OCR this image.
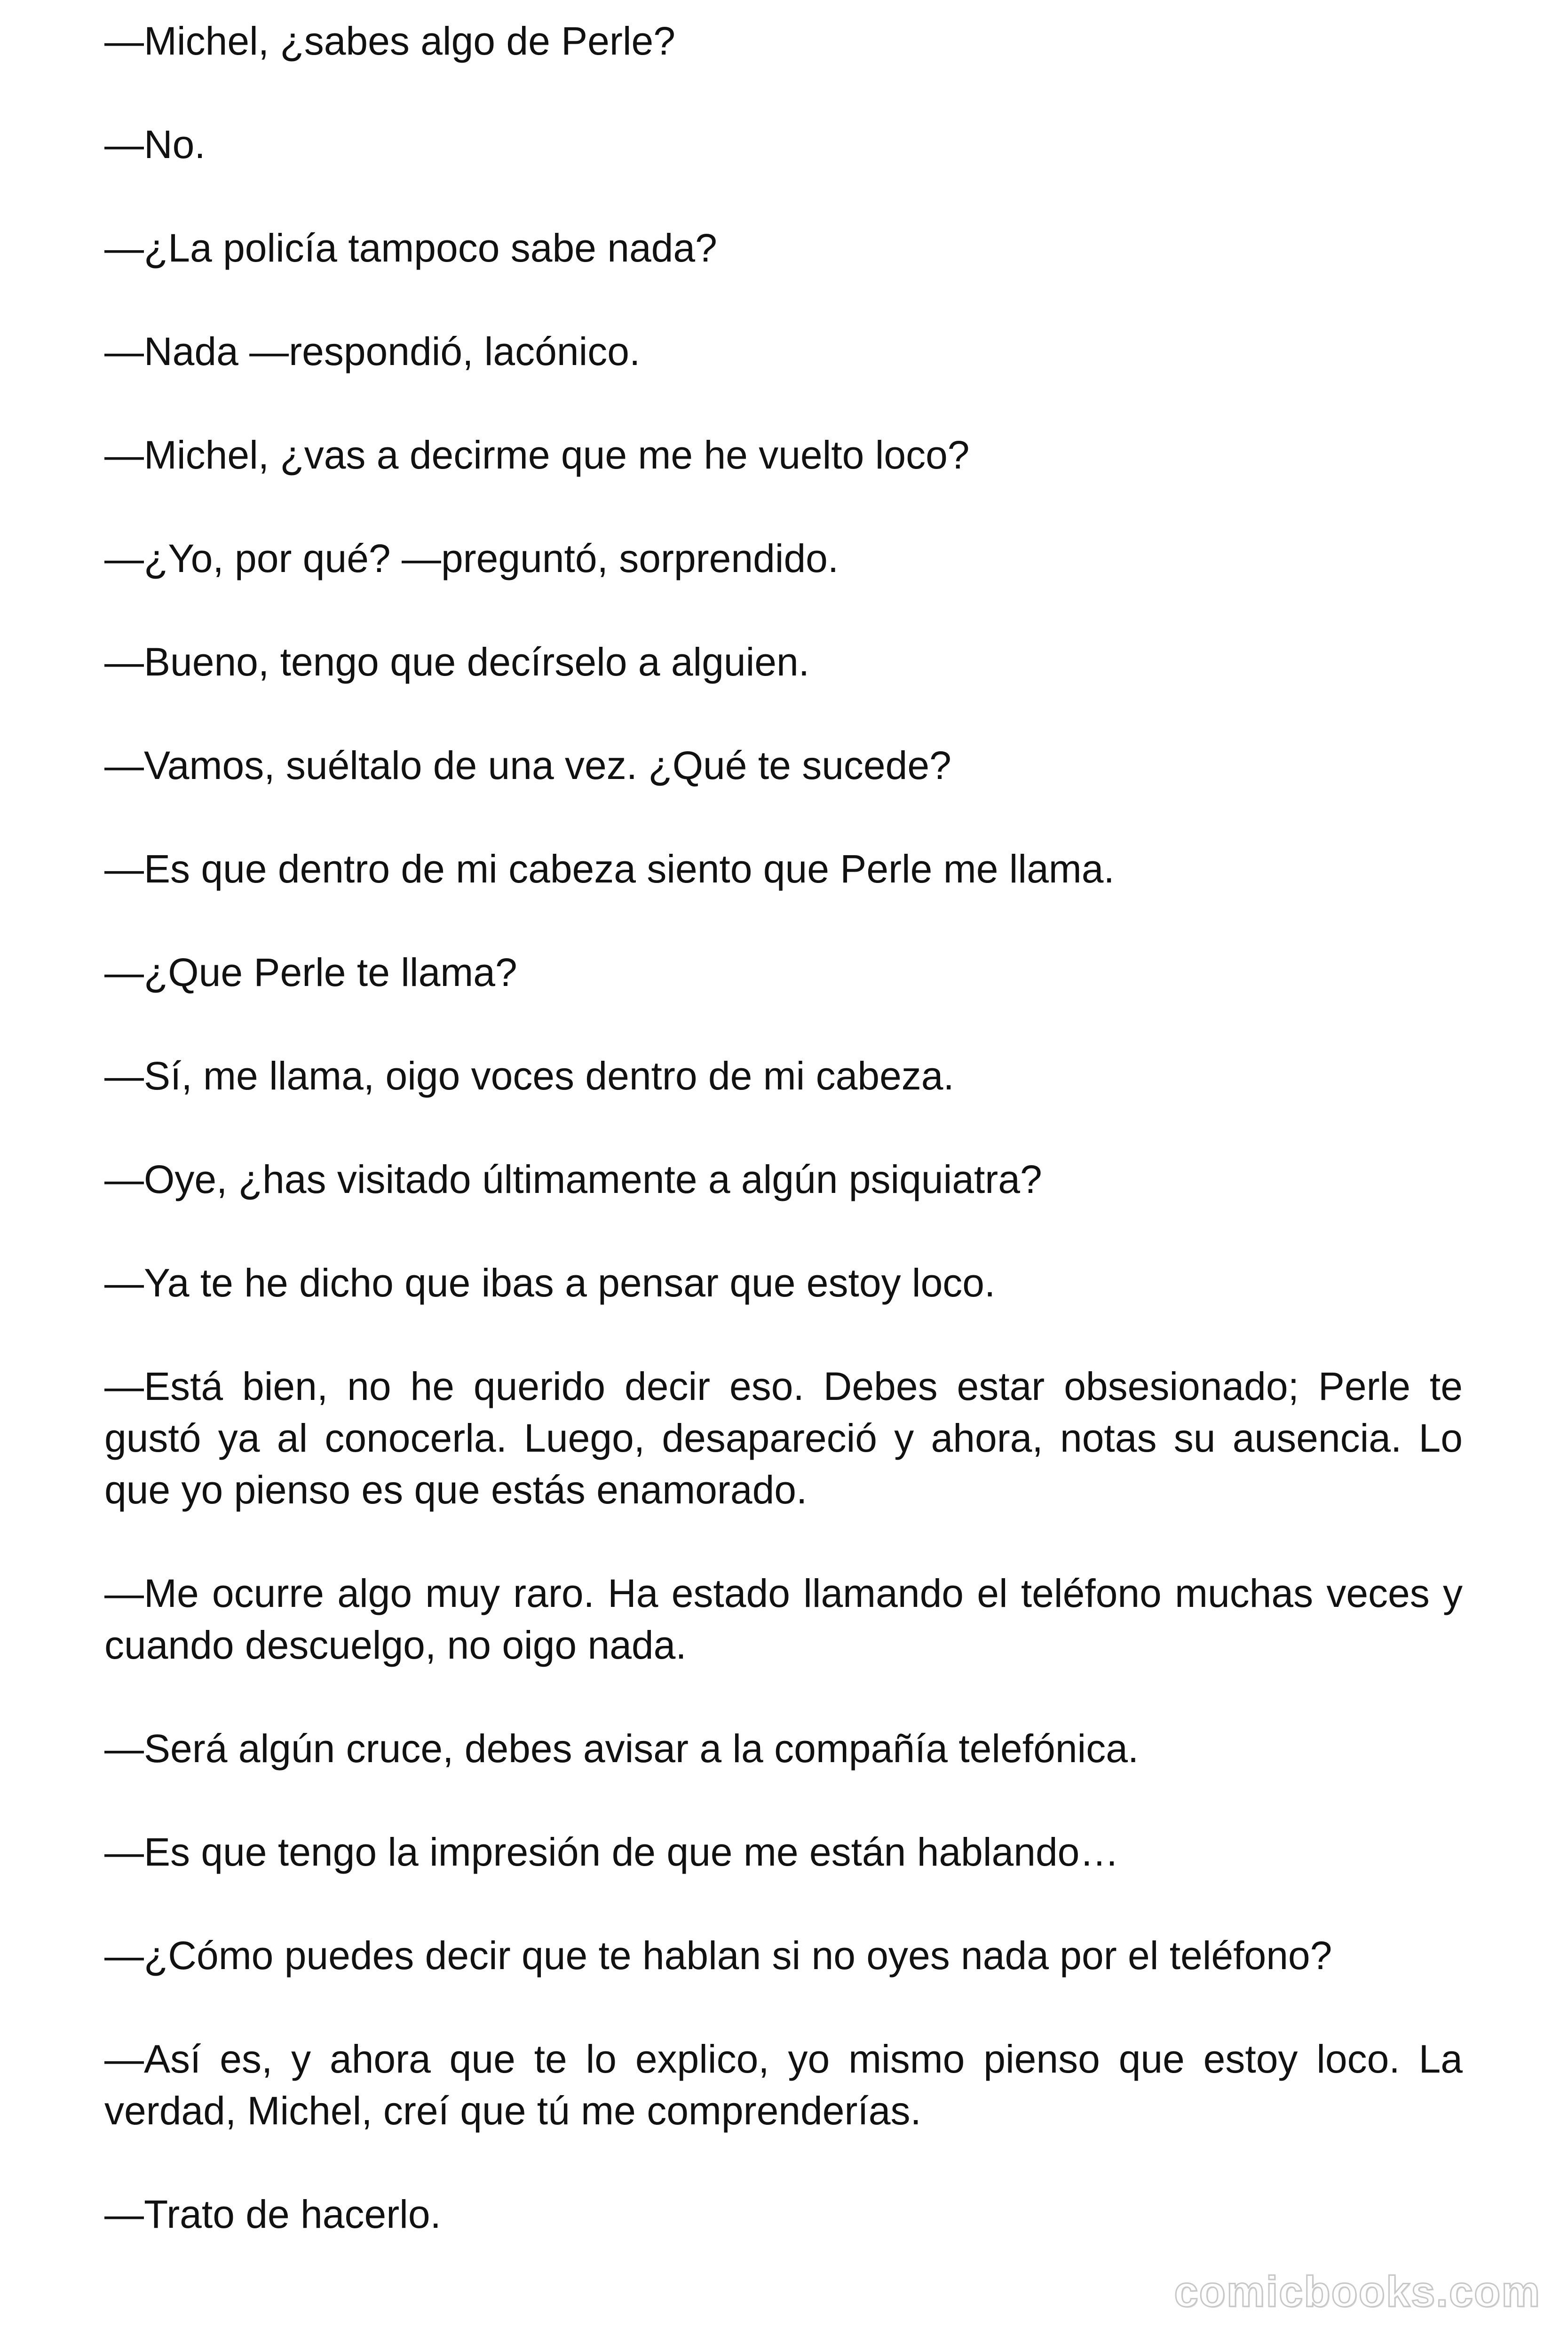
—Michel, ¿sabes algo de Perle?

—No.

—¿La policía tampoco sabe nada?

—Nada —respondió, lacónico.

—Michel, ¿vas a decirme que me he vuelto loco?

—¿Yo, por qué? —preguntó, sorprendido.

—Bueno, tengo que decírselo a alguien.

—Vamos, suéltalo de una vez. ¿Qué te sucede?

—Es que dentro de mi cabeza siento que Perle me llama.

—¿Que Perle te llama?

—Sí, me llama, oigo voces dentro de mi cabeza.

—Oye, ¿has visitado últimamente a algún psiquiatra?

—Ya te he dicho que ibas a pensar que estoy loco.

—Está bien, no he querido decir eso. Debes estar obsesionado; Perle te gustó ya al conocerla. Luego, desapareció y ahora, notas su ausencia. Lo que yo pienso es que estás enamorado.

—Me ocurre algo muy raro. Ha estado llamando el teléfono muchas veces y cuando descuelgo, no oigo nada.

—Será algún cruce, debes avisar a la compañía telefónica.

—Es que tengo la impresión de que me están hablando…

—¿Cómo puedes decir que te hablan si no oyes nada por el teléfono?

—Así es, y ahora que te lo explico, yo mismo pienso que estoy loco. La verdad, Michel, creí que tú me comprenderías.

—Trato de hacerlo.

comicbooks.com
